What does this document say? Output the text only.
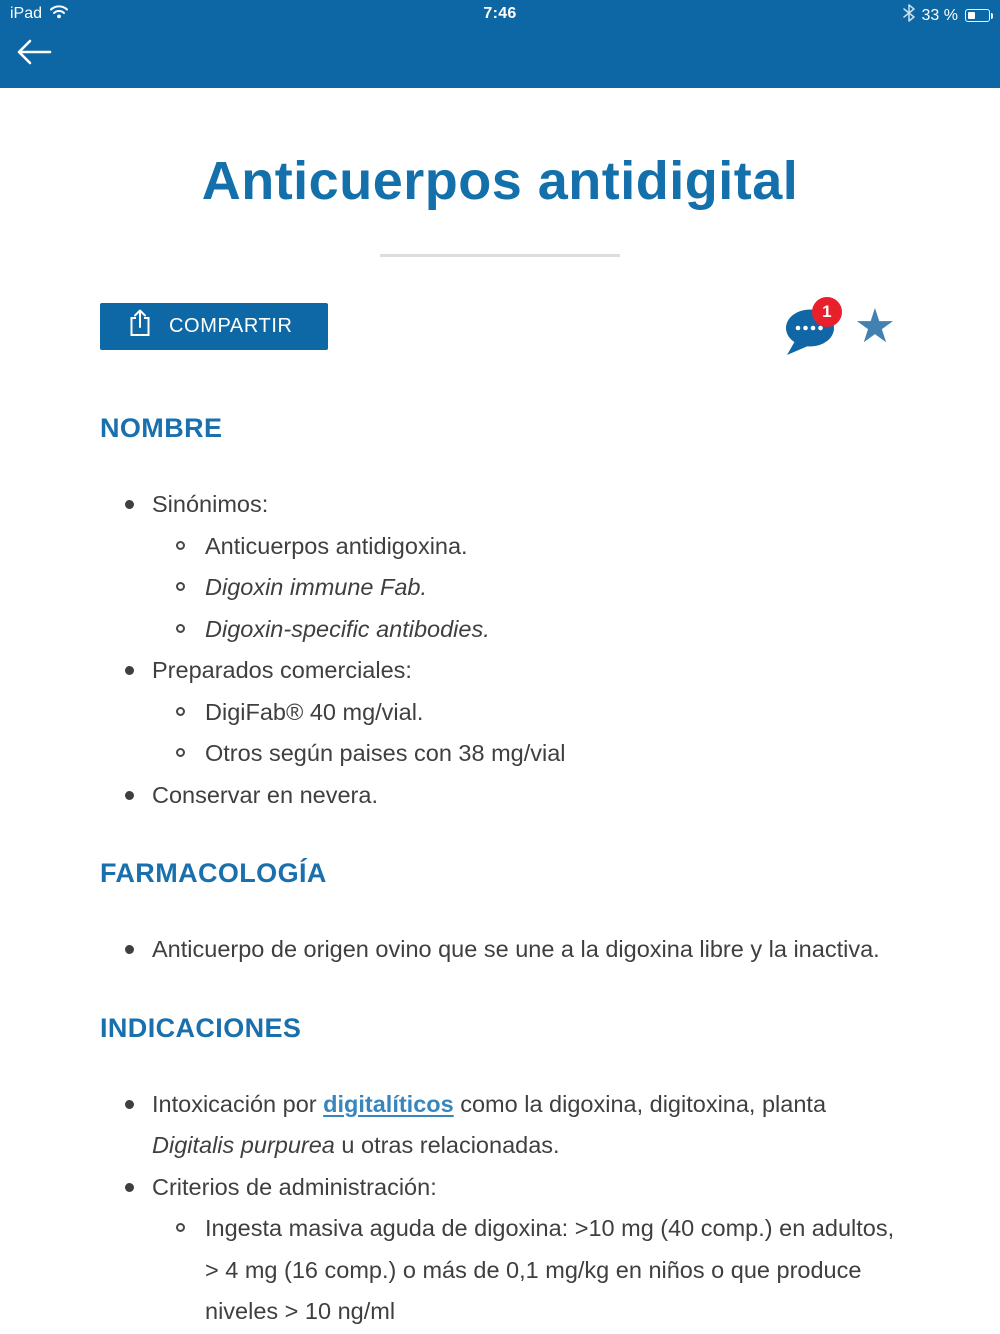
iPad	7:46	33 %
Anticuerpos antidigital
COMPARTIR
1 ★
NOMBRE
Sinónimos:
Anticuerpos antidigoxina.
Digoxin immune Fab.
Digoxin-specific antibodies.
Preparados comerciales:
DigiFab® 40 mg/vial.
Otros según paises con 38 mg/vial
Conservar en nevera.
FARMACOLOGÍA
Anticuerpo de origen ovino que se une a la digoxina libre y la inactiva.
INDICACIONES
Intoxicación por digitalíticos como la digoxina, digitoxina, planta Digitalis purpurea u otras relacionadas.
Criterios de administración:
Ingesta masiva aguda de digoxina: >10 mg (40 comp.) en adultos, > 4 mg (16 comp.) o más de 0,1 mg/kg en niños o que produce niveles > 10 ng/ml
